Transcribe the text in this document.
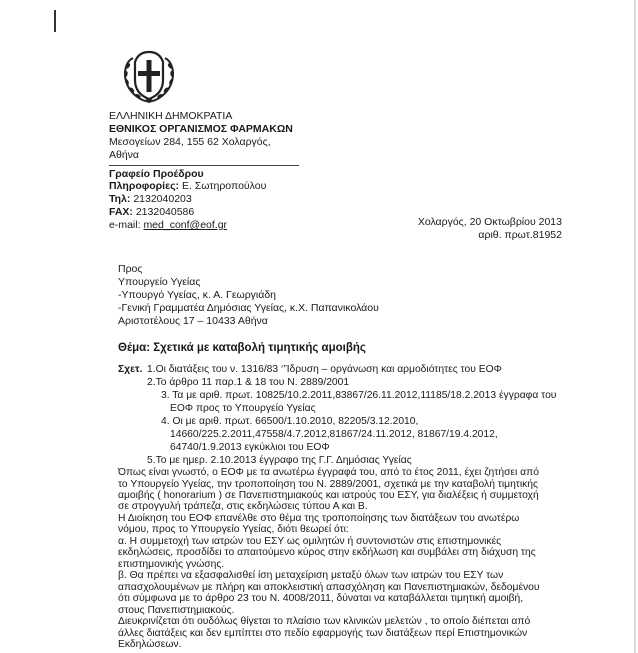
ΕΛΛΗΝΙΚΗ ΔΗΜΟΚΡΑΤΙΑ
ΕΘΝΙΚΟΣ ΟΡΓΑΝΙΣΜΟΣ ΦΑΡΜΑΚΩΝ
Μεσογείων 284, 155 62 Χολαργός,
Αθήνα
Γραφείο Προέδρου
Πληροφορίες: Ε. Σωτηροπούλου
Τηλ: 2132040203
FAX: 2132040586
e-mail: med_conf@eof.gr	Χολαργός, 20 Οκτωβρίου 2013
αριθ. πρωτ.81952
Προς
Υπουργείο Υγείας
-Υπουργό Υγείας, κ. Α. Γεωργιάδη
-Γενική Γραμματέα Δημόσιας Υγείας, κ.Χ. Παπανικολάου
Αριστοτέλους 17 – 10433 Αθήνα
Θέμα: Σχετικά με καταβολή τιμητικής αμοιβής
Σχετ. 1.Οι διατάξεις του ν. 1316/83 ‘’Ίδρυση – οργάνωση και αρμοδιότητες του ΕΟΦ
2.Το άρθρο 11 παρ.1 & 18 του Ν. 2889/2001
3. Τα με αριθ. πρωτ. 10825/10.2.2011,83867/26.11.2012,11185/18.2.2013 έγγραφα του
ΕΟΦ προς το Υπουργείο Υγείας
4. Οι με αριθ. πρωτ. 66500/1.10.2010, 82205/3.12.2010,
14660/225.2.2011,47558/4.7.2012,81867/24.11.2012, 81867/19.4.2012,
64740/1.9.2013 εγκύκλιοι του ΕΟΦ
5.Το με ημερ. 2.10.2013 έγγραφο της Γ.Γ. Δημόσιας Υγείας
Όπως είναι γνωστό, ο ΕΟΦ με τα ανωτέρω έγγραφά του, από το έτος 2011, έχει ζητήσει από
το Υπουργείο Υγείας, την τροποποίηση του Ν. 2889/2001, σχετικά με την καταβολή τιμητικής
αμοιβής ( honorarium ) σε Πανεπιστημιακούς και ιατρούς του ΕΣΥ, για διαλέξεις ή συμμετοχή
σε στρογγυλή τράπεζα, στις εκδηλώσεις τύπου Α και Β.
Η Διοίκηση του ΕΟΦ επανέλθε στο θέμα της τροποποίησης των διατάξεων του ανωτέρω
νόμου, προς το Υπουργείο Υγείας, διότι θεωρεί ότι:
α. Η συμμετοχή των ιατρών του ΕΣΥ ως ομιλητών ή συντονιστών στις επιστημονικές
εκδηλώσεις, προσδίδει το απαιτούμενο κύρος στην εκδήλωση και συμβάλει στη διάχυση της
επιστημονικής γνώσης.
β. Θα πρέπει να εξασφαλισθεί ίση μεταχείριση μεταξύ όλων των ιατρών του ΕΣΥ των
απασχολουμένων με πλήρη και αποκλειστική απασχόληση και Πανεπιστημιακών, δεδομένου
ότι σύμφωνα με το άρθρο 23 του Ν. 4008/2011, δύναται να καταβάλλεται τιμητική αμοιβή,
στους Πανεπιστημιακούς.
Διευκρινίζεται ότι ουδόλως θίγεται το πλαίσιο των κλινικών μελετών , το οποίο διέπεται από
άλλες διατάξεις και δεν εμπίπτει στο πεδίο εφαρμογής των διατάξεων περί Επιστημονικών
Εκδηλώσεων.
